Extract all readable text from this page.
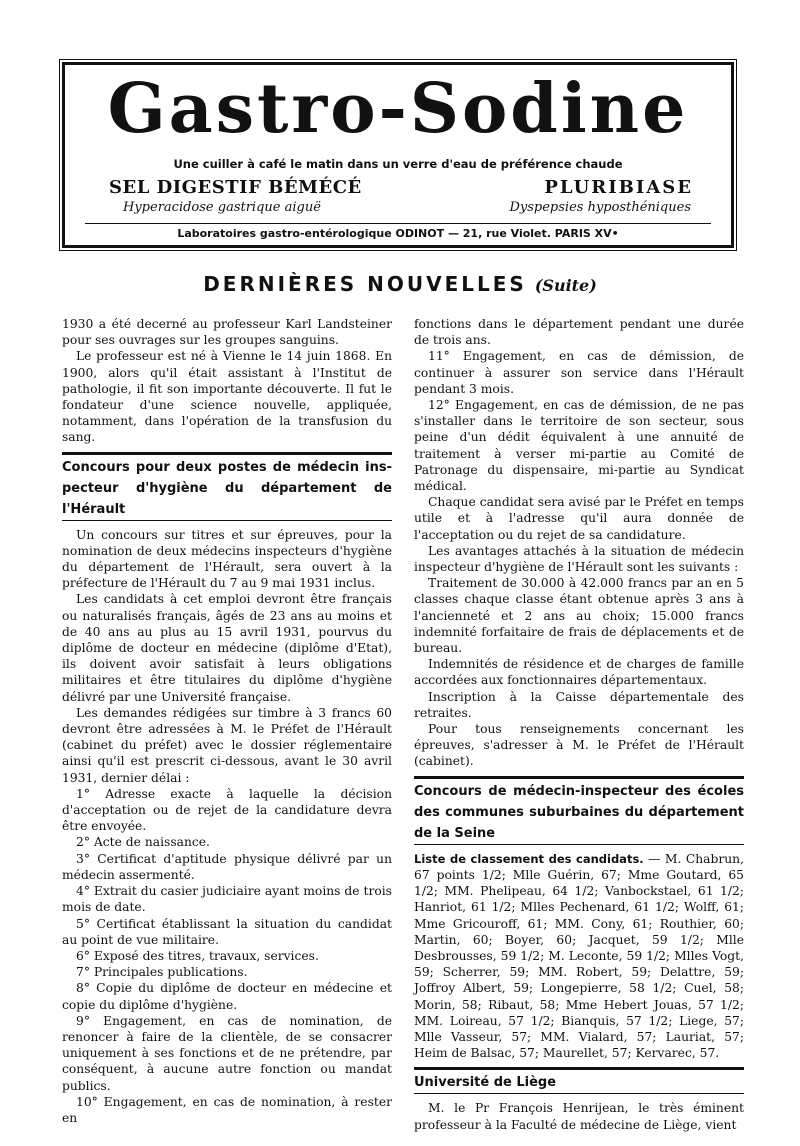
Gastro-Sodine
Une cuiller à café le matin dans un verre d'eau de préférence chaude
SEL DIGESTIF BÉMÉCÉ
Hyperacidose gastrique aiguë
PLURIBIASE
Dyspepsies hyposthéniques
Laboratoires gastro-entérologique ODINOT — 21, rue Violet. PARIS XV•
DERNIÈRES NOUVELLES (Suite)

1930 a été decerné au professeur Karl Landsteiner pour ses ouvrages sur les groupes sanguins.

Le professeur est né à Vienne le 14 juin 1868. En 1900, alors qu'il était assistant à l'Institut de pathologie, il fit son importante découverte. Il fut le fondateur d'une science nouvelle, appliquée, notamment, dans l'opération de la transfusion du sang.

Concours pour deux postes de médecin ins-
pecteur d'hygiène du département de
l'Hérault

Un concours sur titres et sur épreuves, pour la nomination de deux médecins inspecteurs d'hygiène du département de l'Hérault, sera ouvert à la préfecture de l'Hérault du 7 au 9 mai 1931 inclus.

Les candidats à cet emploi devront être français ou naturalisés français, âgés de 23 ans au moins et de 40 ans au plus au 15 avril 1931, pourvus du diplôme de docteur en médecine (diplôme d'Etat), ils doivent avoir satisfait à leurs obligations militaires et être titulaires du diplôme d'hygiène délivré par une Université française.

Les demandes rédigées sur timbre à 3 francs 60 devront être adressées à M. le Préfet de l'Hérault (cabinet du préfet) avec le dossier réglementaire ainsi qu'il est prescrit ci-dessous, avant le 30 avril 1931, dernier délai :

1° Adresse exacte à laquelle la décision d'acceptation ou de rejet de la candidature devra être envoyée.

2° Acte de naissance.

3° Certificat d'aptitude physique délivré par un médecin assermenté.

4° Extrait du casier judiciaire ayant moins de trois mois de date.

5° Certificat établissant la situation du candidat au point de vue militaire.

6° Exposé des titres, travaux, services.

7° Principales publications.

8° Copie du diplôme de docteur en médecine et copie du diplôme d'hygiène.

9° Engagement, en cas de nomination, de renoncer à faire de la clientèle, de se consacrer uniquement à ses fonctions et de ne prétendre, par conséquent, à aucune autre fonction ou mandat publics.

10° Engagement, en cas de nomination, à rester en

fonctions dans le département pendant une durée de trois ans.

11° Engagement, en cas de démission, de continuer à assurer son service dans l'Hérault pendant 3 mois.

12° Engagement, en cas de démission, de ne pas s'installer dans le territoire de son secteur, sous peine d'un dédit équivalent à une annuité de traitement à verser mi-partie au Comité de Patronage du dispensaire, mi-partie au Syndicat médical.

Chaque candidat sera avisé par le Préfet en temps utile et à l'adresse qu'il aura donnée de l'acceptation ou du rejet de sa candidature.

Les avantages attachés à la situation de médecin inspecteur d'hygiène de l'Hérault sont les suivants :

Traitement de 30.000 à 42.000 francs par an en 5 classes chaque classe étant obtenue après 3 ans à l'ancienneté et 2 ans au choix; 15.000 francs indemnité forfaitaire de frais de déplacements et de bureau.

Indemnités de résidence et de charges de famille accordées aux fonctionnaires départementaux.

Inscription à la Caisse départementale des retraites.

Pour tous renseignements concernant les épreuves, s'adresser à M. le Préfet de l'Hérault (cabinet).

Concours de médecin-inspecteur des écoles
des communes suburbaines du département de la Seine

Liste de classement des candidats. — M. Chabrun, 67 points 1/2; Mlle Guérin, 67; Mme Goutard, 65 1/2; MM. Phelipeau, 64 1/2; Vanbockstael, 61 1/2; Hanriot, 61 1/2; Mlles Pechenard, 61 1/2; Wolff, 61; Mme Gricouroff, 61; MM. Cony, 61; Routhier, 60; Martin, 60; Boyer, 60; Jacquet, 59 1/2; Mlle Desbrousses, 59 1/2; M. Leconte, 59 1/2; Mlles Vogt, 59; Scherrer, 59; MM. Robert, 59; Delattre, 59; Joffroy Albert, 59; Longepierre, 58 1/2; Cuel, 58; Morin, 58; Ribaut, 58; Mme Hebert Jouas, 57 1/2; MM. Loireau, 57 1/2; Bianquis, 57 1/2; Liege, 57; Mlle Vasseur, 57; MM. Vialard, 57; Lauriat, 57; Heim de Balsac, 57; Maurellet, 57; Kervarec, 57.

Université de Liège

M. le Pr François Henrijean, le très éminent professeur à la Faculté de médecine de Liège, vient
